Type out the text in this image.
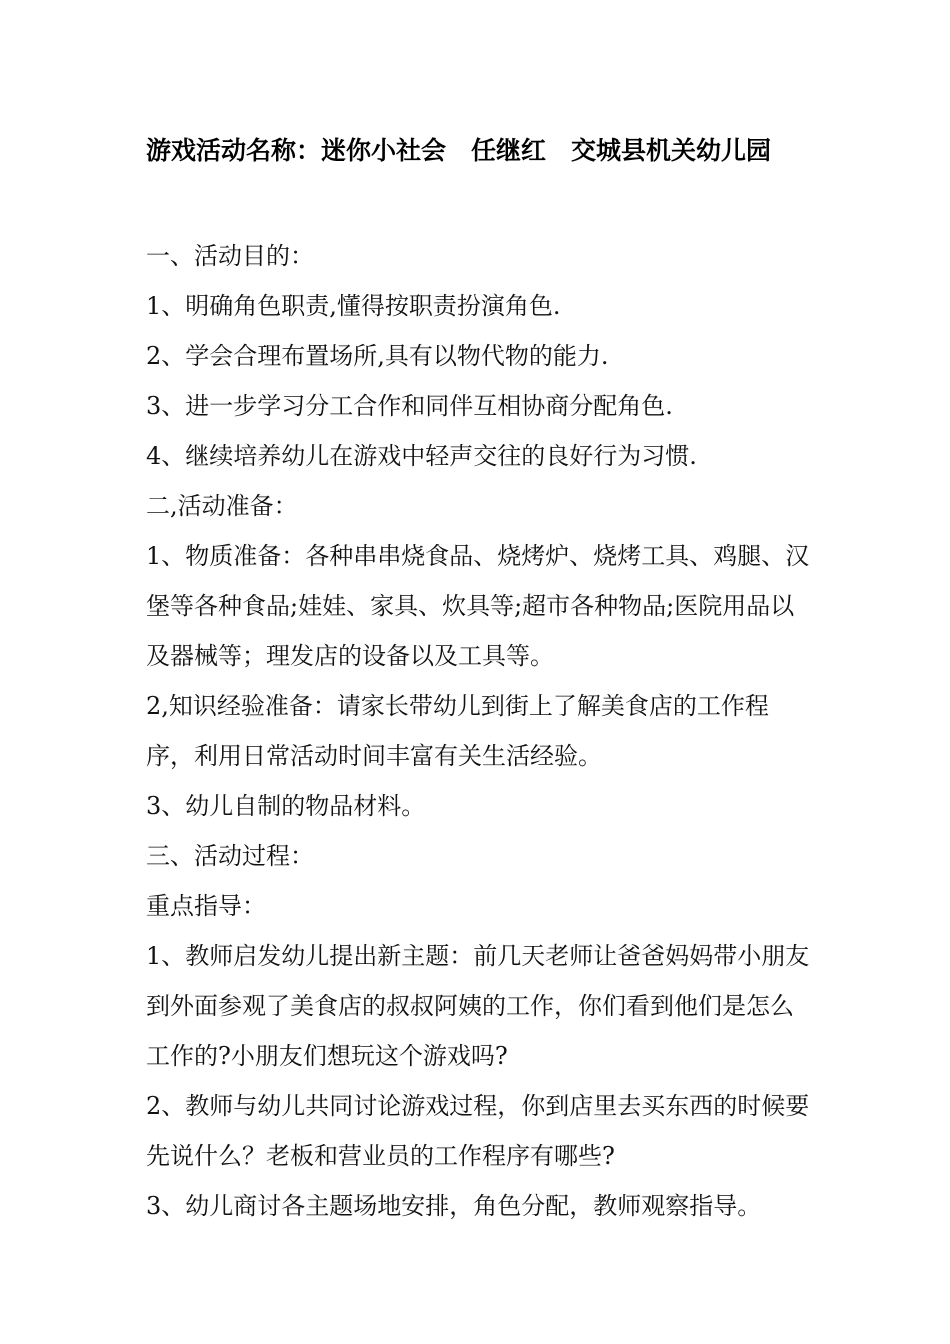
游戏活动名称：迷你小社会　任继红　交城县机关幼儿园

一、活动目的：

1、明确角色职责,懂得按职责扮演角色.

2、学会合理布置场所,具有以物代物的能力.

3、进一步学习分工合作和同伴互相协商分配角色.

4、继续培养幼儿在游戏中轻声交往的良好行为习惯.

二,活动准备：

1、物质准备：各种串串烧食品、烧烤炉、烧烤工具、鸡腿、汉堡等各种食品;娃娃、家具、炊具等;超市各种物品;医院用品以及器械等；理发店的设备以及工具等。

2,知识经验准备：请家长带幼儿到街上了解美食店的工作程序，利用日常活动时间丰富有关生活经验。

3、幼儿自制的物品材料。

三、活动过程：

重点指导：

1、教师启发幼儿提出新主题：前几天老师让爸爸妈妈带小朋友到外面参观了美食店的叔叔阿姨的工作，你们看到他们是怎么工作的?小朋友们想玩这个游戏吗?

2、教师与幼儿共同讨论游戏过程，你到店里去买东西的时候要先说什么？老板和营业员的工作程序有哪些?

3、幼儿商讨各主题场地安排，角色分配，教师观察指导。
